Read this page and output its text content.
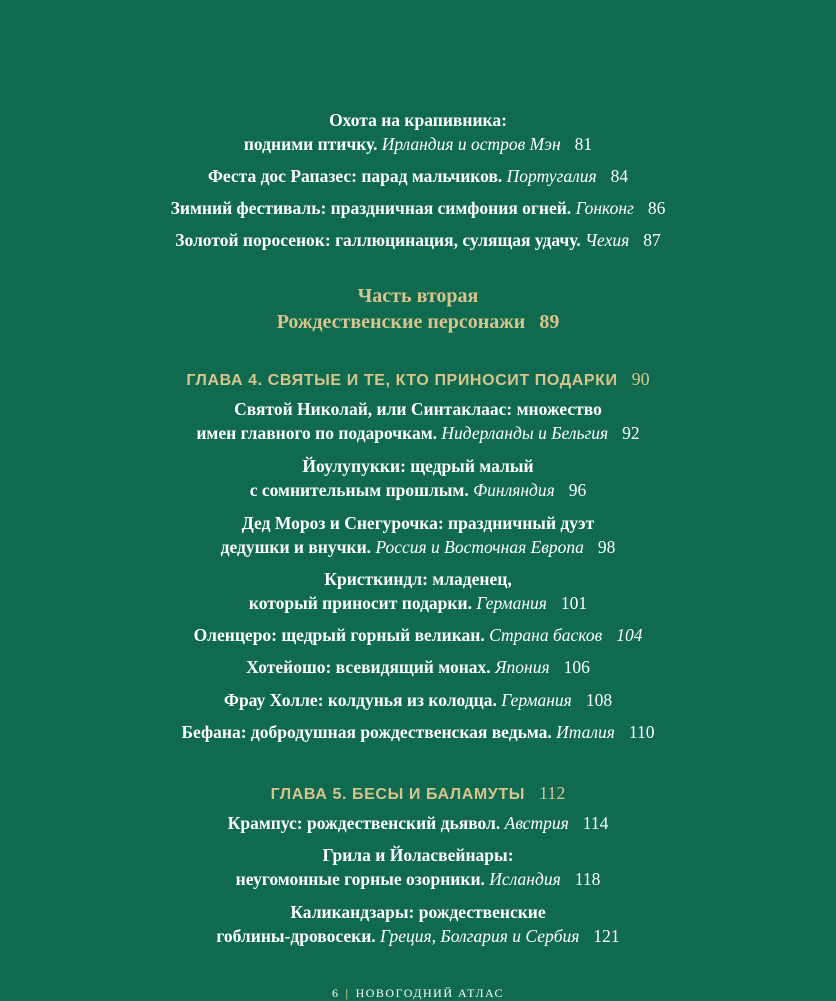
Охота на крапивника:
подними птичку. Ирландия и остров Мэн 81
Феста дос Рапазес: парад мальчиков. Португалия 84
Зимний фестиваль: праздничная симфония огней. Гонконг 86
Золотой поросенок: галлюцинация, сулящая удачу. Чехия 87
Часть вторая
Рождественские персонажи 89
ГЛАВА 4. СВЯТЫЕ И ТЕ, КТО ПРИНОСИТ ПОДАРКИ 90
Святой Николай, или Синтаклаас: множество
имен главного по подарочкам. Нидерланды и Бельгия 92
Йоулупукки: щедрый малый
с сомнительным прошлым. Финляндия 96
Дед Мороз и Снегурочка: праздничный дуэт
дедушки и внучки. Россия и Восточная Европа 98
Кристкиндл: младенец,
который приносит подарки. Германия 101
Оленцеро: щедрый горный великан. Страна басков 104
Хотейошо: всевидящий монах. Япония 106
Фрау Холле: колдунья из колодца. Германия 108
Бефана: добродушная рождественская ведьма. Италия 110
ГЛАВА 5. БЕСЫ И БАЛАМУТЫ 112
Крампус: рождественский дьявол. Австрия 114
Грила и Йоласвейнары:
неугомонные горные озорники. Исландия 118
Каликандзары: рождественские
гоблины-дровосеки. Греция, Болгария и Сербия 121
6 | НОВОГОДНИЙ АТЛАС
